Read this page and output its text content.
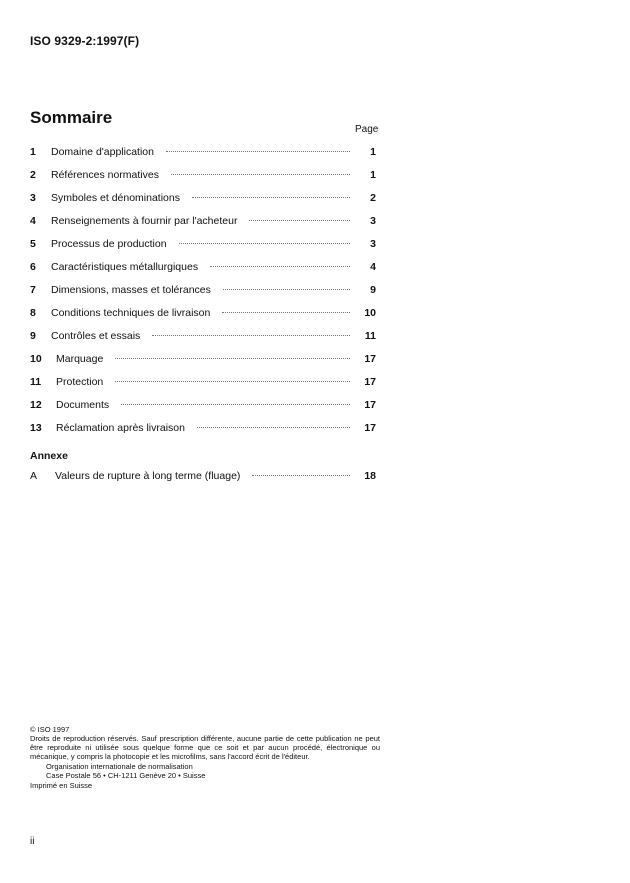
ISO 9329-2:1997(F)
Sommaire
Page
1	Domaine d'application	1
2	Références normatives	1
3	Symboles et dénominations	2
4	Renseignements à fournir par l'acheteur	3
5	Processus de production	3
6	Caractéristiques métallurgiques	4
7	Dimensions, masses et tolérances	9
8	Conditions techniques de livraison	10
9	Contrôles et essais	11
10	Marquage	17
11	Protection	17
12	Documents	17
13	Réclamation après livraison	17
Annexe
A	Valeurs de rupture à long terme (fluage)	18
© ISO 1997
Droits de reproduction réservés. Sauf prescription différente, aucune partie de cette publication ne peut être reproduite ni utilisée sous quelque forme que ce soit et par aucun procédé, électronique ou mécanique, y compris la photocopie et les microfilms, sans l'accord écrit de l'éditeur.
Organisation internationale de normalisation
Case Postale 56 • CH-1211 Genève 20 • Suisse
Imprimé en Suisse
ii
